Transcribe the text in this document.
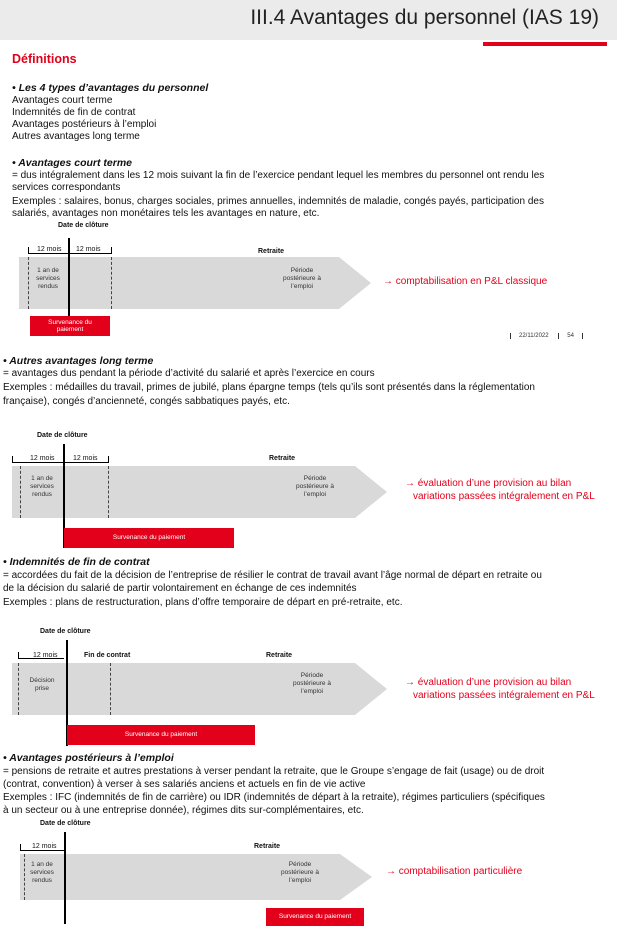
III.4 Avantages du personnel (IAS 19)
Définitions
• Les 4 types d’avantages du personnel
Avantages court terme
Indemnités de fin de contrat
Avantages postérieurs à l’emploi
Autres avantages long terme
• Avantages court terme
= dus intégralement dans les 12 mois suivant la fin de l’exercice pendant lequel les membres du personnel ont rendu les
services correspondants
Exemples : salaires, bonus, charges sociales, primes annuelles, indemnités de maladie, congés payés, participation des
salariés, avantages non monétaires tels les avantages en nature, etc.
Date de clôture
12 mois 12 mois	Retraite
1 an de
services
rendus
Période
postérieure à
l’emploi
Survenance du
paiement
→ comptabilisation en P&L classique
22/11/2022	54
• Autres avantages long terme
= avantages dus pendant la période d’activité du salarié et après l’exercice en cours
Exemples : médailles du travail, primes de jubilé, plans épargne temps (tels qu’ils sont présentés dans la réglementation
française), congés d’ancienneté, congés sabbatiques payés, etc.
Date de clôture
12 mois	12 mois	Retraite
1 an de
services
rendus
Période
postérieure à
l’emploi
Survenance du paiement
→ évaluation d’une provision au bilan
variations passées intégralement en P&L
• Indemnités de fin de contrat
= accordées du fait de la décision de l’entreprise de résilier le contrat de travail avant l’âge normal de départ en retraite ou
de la décision du salarié de partir volontairement en échange de ces indemnités
Exemples : plans de restructuration, plans d’offre temporaire de départ en pré-retraite, etc.
Date de clôture
12 mois	Fin de contrat	Retraite
Décision
prise
Période
postérieure à
l’emploi
Survenance du paiement
→ évaluation d’une provision au bilan
variations passées intégralement en P&L
• Avantages postérieurs à l’emploi
= pensions de retraite et autres prestations à verser pendant la retraite, que le Groupe s’engage de fait (usage) ou de droit
(contrat, convention) à verser à ses salariés anciens et actuels en fin de vie active
Exemples : IFC (indemnités de fin de carrière) ou IDR (indemnités de départ à la retraite), régimes particuliers (spécifiques
à un secteur ou à une entreprise donnée), régimes dits sur-complémentaires, etc.
Date de clôture
12 mois	Retraite
1 an de
services
rendus
Période
postérieure à
l’emploi
Survenance du paiement
→ comptabilisation particulière
